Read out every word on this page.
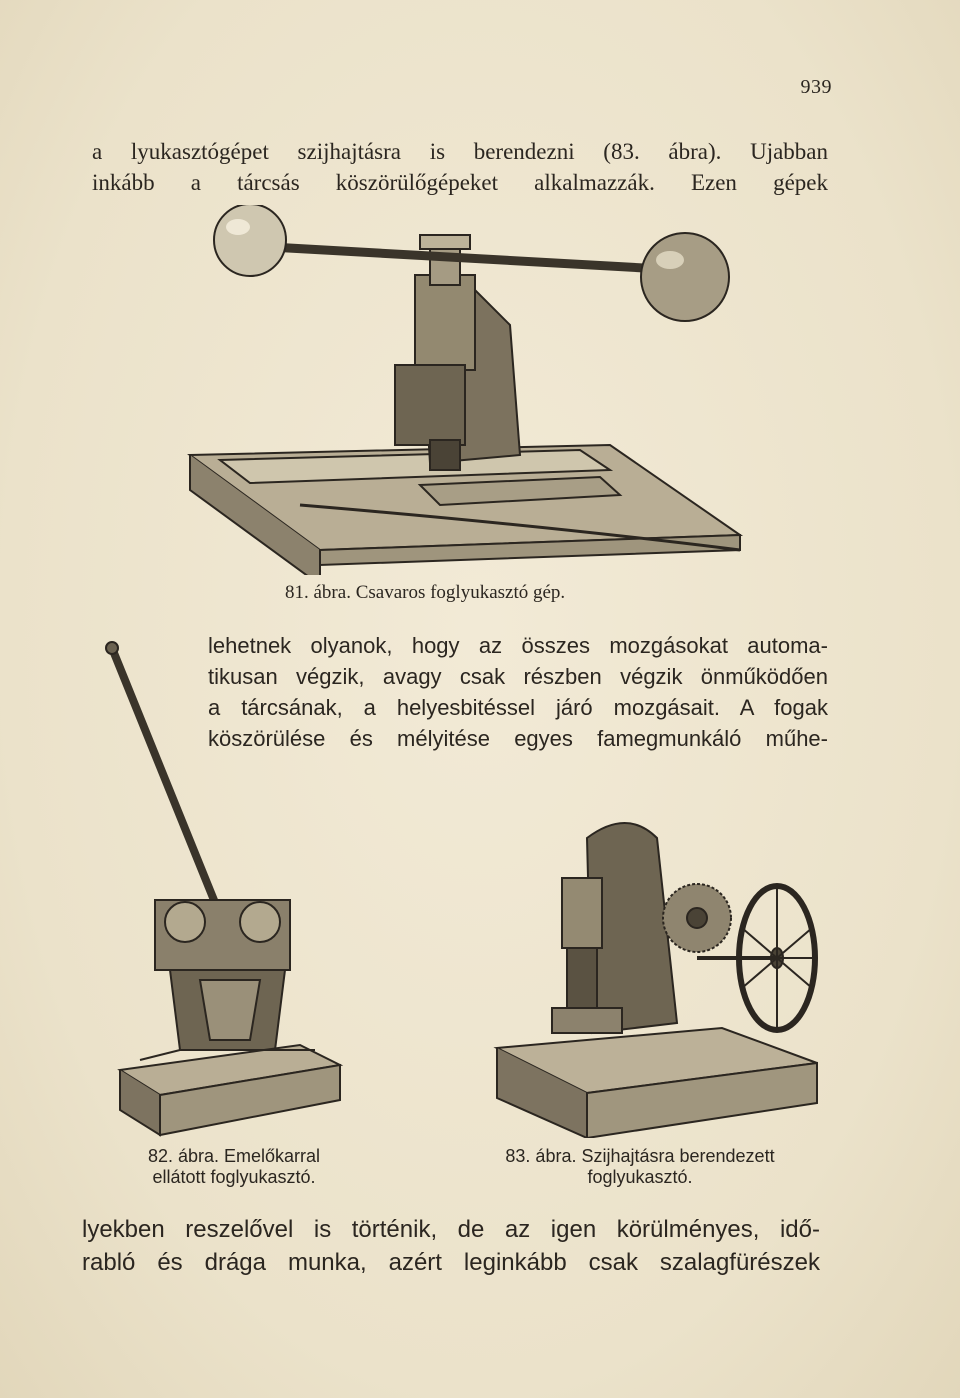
939

a lyukasztógépet szijhajtásra is berendezni (83. ábra). Ujabban
inkább a tárcsás köszörülőgépeket alkalmazzák. Ezen gépek

81. ábra. Csavaros foglyukasztó gép.

lehetnek olyanok, hogy az összes mozgásokat automa-
tikusan végzik, avagy csak részben végzik önműködően
a tárcsának, a helyesbitéssel járó mozgásait. A fogak
köszörülése és mélyitése egyes famegmunkáló műhe-

82. ábra. Emelőkarral
ellátott foglyukasztó.
83. ábra. Szijhajtásra berendezett
foglyukasztó.

lyekben reszelővel is történik, de az igen körülményes, idő-
rabló és drága munka, azért leginkább csak szalagfürészek
